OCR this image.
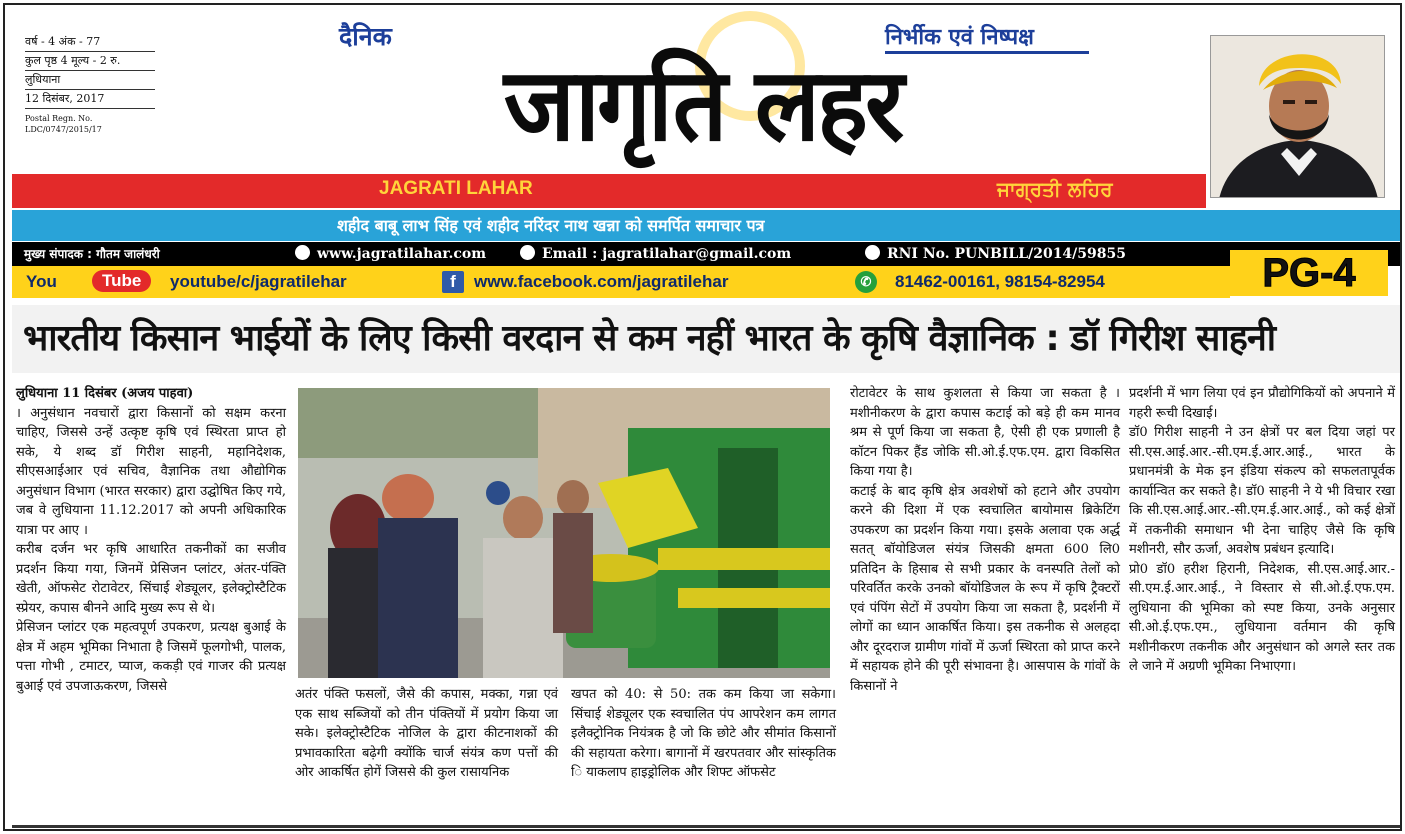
वर्ष - 4 अंक - 77
कुल पृष्ठ 4 मूल्य - 2 रु.
लुधियाना
12 दिसंबर, 2017
Postal Regn. No.
LDC/0747/2015/17
दैनिक	निर्भीक एवं निष्पक्ष
जागृति लहर
JAGRATI LAHAR	ਜਾਗ੍ਰਤੀ ਲਹਿਰ
शहीद बाबू लाभ सिंह एवं शहीद नरिंदर नाथ खन्ना को समर्पित समाचार पत्र
मुख्य संपादक : गौतम जालंधरी	www.jagratilahar.com	Email : jagratilahar@gmail.com	RNI No. PUNBILL/2014/59855
You	Tube	youtube/c/jagratilehar	f	www.facebook.com/jagratilehar	✆	81462-00161, 98154-82954	PG-4
भारतीय किसान भाईयों के लिए किसी वरदान से कम नहीं भारत के कृषि वैज्ञानिक : डॉ गिरीश साहनी

लुधियाना 11 दिसंबर (अजय पाहवा)

। अनुसंधान नवचारों द्वारा किसानों को सक्षम करना चाहिए, जिससे उन्हें उत्कृष्ट कृषि एवं स्थिरता प्राप्त हो सके, ये शब्द डॉ गिरीश साहनी, महानिदेशक, सीएसआईआर एवं सचिव, वैज्ञानिक तथा औद्योगिक अनुसंधान विभाग (भारत सरकार) द्वारा उद्घोषित किए गये, जब वे लुधियाना 11.12.2017 को अपनी अधिकारिक यात्रा पर आए ।

करीब दर्जन भर कृषि आधारित तकनीकों का सजीव प्रदर्शन किया गया, जिनमें प्रेसिजन प्लांटर, अंतर-पंक्ति खेती, ऑफसेट रोटावेटर, सिंचाई शेड्यूलर, इलेक्ट्रोस्टैटिक स्प्रेयर, कपास बीनने आदि मुख्य रूप से थे।

प्रेसिजन प्लांटर एक महत्वपूर्ण उपकरण, प्रत्यक्ष बुआई के क्षेत्र में अहम भूमिका निभाता है जिसमें फूलगोभी, पालक, पत्ता गोभी , टमाटर, प्याज, ककड़ी एवं गाजर की प्रत्यक्ष बुआई एवं उपजाऊकरण, जिससे

अतंर पंक्ति फसलों, जैसे की कपास, मक्का, गन्ना एवं एक साथ सब्जियों को तीन पंक्तियों में प्रयोग किया जा सके। इलेक्ट्रोस्टैटिक नोजिल के द्वारा कीटनाशकों की प्रभावकारिता बढ़ेगी क्योंकि चार्ज संयंत्र कण पत्तों की ओर आकर्षित होगें जिससे की कुल रासायनिक

खपत को 40: से 50: तक कम किया जा सकेगा। सिंचाई शेड्यूलर एक स्वचालित पंप आपरेशन कम लागत इलैक्ट्रोनिक नियंत्रक है जो कि छोटे और सीमांत किसानों की सहायता करेगा। बागानों में खरपतवार और सांस्कृतिक ि याकलाप हाइड्रोलिक और शिफ्ट ऑफसेट

रोटावेटर के साथ कुशलता से किया जा सकता है । मशीनीकरण के द्वारा कपास कटाई को बड़े ही कम मानव श्रम से पूर्ण किया जा सकता है, ऐसी ही एक प्रणाली है कॉटन पिकर हैंड जोकि सी.ओ.ई.एफ.एम. द्वारा विकसित किया गया है।

कटाई के बाद कृषि क्षेत्र अवशेषों को हटाने और उपयोग करने की दिशा में एक स्वचालित बायोमास ब्रिकेटिंग उपकरण का प्रदर्शन किया गया। इसके अलावा एक अर्द्ध सतत् बॉयोडिजल संयंत्र जिसकी क्षमता 600 लि0 प्रतिदिन के हिसाब से सभी प्रकार के वनस्पति तेलों को परिवर्तित करके उनको बॉयोडिजल के रूप में कृषि ट्रैक्टरों एवं पंपिंग सेटों में उपयोग किया जा सकता है, प्रदर्शनी में लोगों का ध्यान आकर्षित किया। इस तकनीक से अलहदा और दूरदराज ग्रामीण गांवों में ऊर्जा स्थिरता को प्राप्त करने में सहायक होने की पूरी संभावना है। आसपास के गांवों के किसानों ने

प्रदर्शनी में भाग लिया एवं इन प्रौद्योगिकियों को अपनाने में गहरी रूची दिखाई।

डॉ0 गिरीश साहनी ने उन क्षेत्रों पर बल दिया जहां पर सी.एस.आई.आर.-सी.एम.ई.आर.आई., भारत के प्रधानमंत्री के मेक इन इंडिया संकल्प को सफलतापूर्वक कार्यान्वित कर सकते है। डॉ0 साहनी ने ये भी विचार रखा कि सी.एस.आई.आर.-सी.एम.ई.आर.आई., को कई क्षेत्रों में तकनीकी समाधान भी देना चाहिए जैसे कि कृषि मशीनरी, सौर ऊर्जा, अवशेष प्रबंधन इत्यादि।

प्रो0 डॉ0 हरीश हिरानी, निदेशक, सी.एस.आई.आर.-सी.एम.ई.आर.आई., ने विस्तार से सी.ओ.ई.एफ.एम. लुधियाना की भूमिका को स्पष्ट किया, उनके अनुसार सी.ओ.ई.एफ.एम., लुधियाना वर्तमान की कृषि मशीनीकरण तकनीक और अनुसंधान को अगले स्तर तक ले जाने में अग्रणी भूमिका निभाएगा।
